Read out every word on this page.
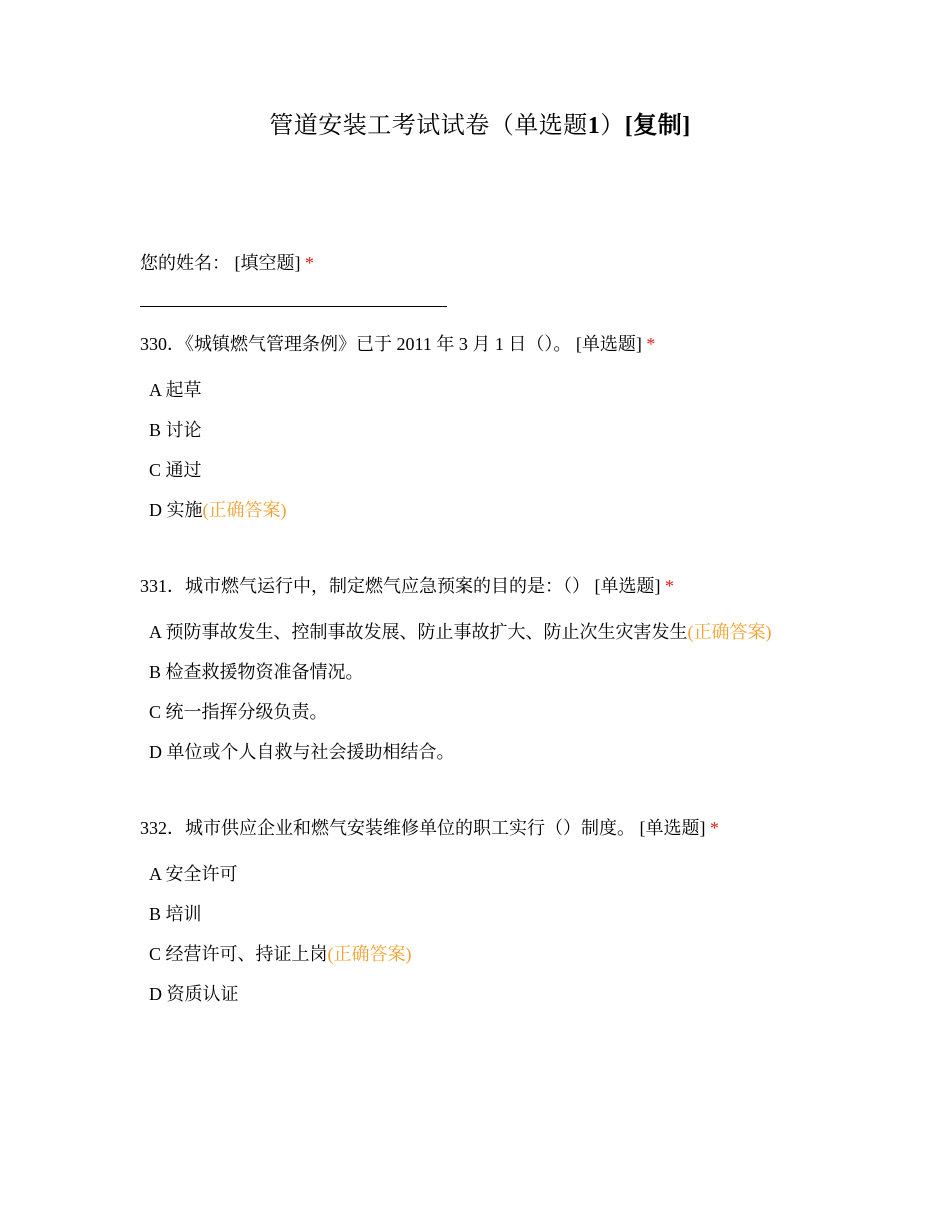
管道安装工考试试卷（单选题1）[复制]
您的姓名： [填空题] *
330．《城镇燃气管理条例》已于 2011 年 3 月 1 日（）。 [单选题] *
A 起草
B 讨论
C 通过
D 实施(正确答案)
331．城市燃气运行中，制定燃气应急预案的目的是：（） [单选题] *
A 预防事故发生、控制事故发展、防止事故扩大、防止次生灾害发生(正确答案)
B 检查救援物资准备情况。
C 统一指挥分级负责。
D 单位或个人自救与社会援助相结合。
332．城市供应企业和燃气安装维修单位的职工实行（）制度。 [单选题] *
A 安全许可
B 培训
C 经营许可、持证上岗(正确答案)
D 资质认证
